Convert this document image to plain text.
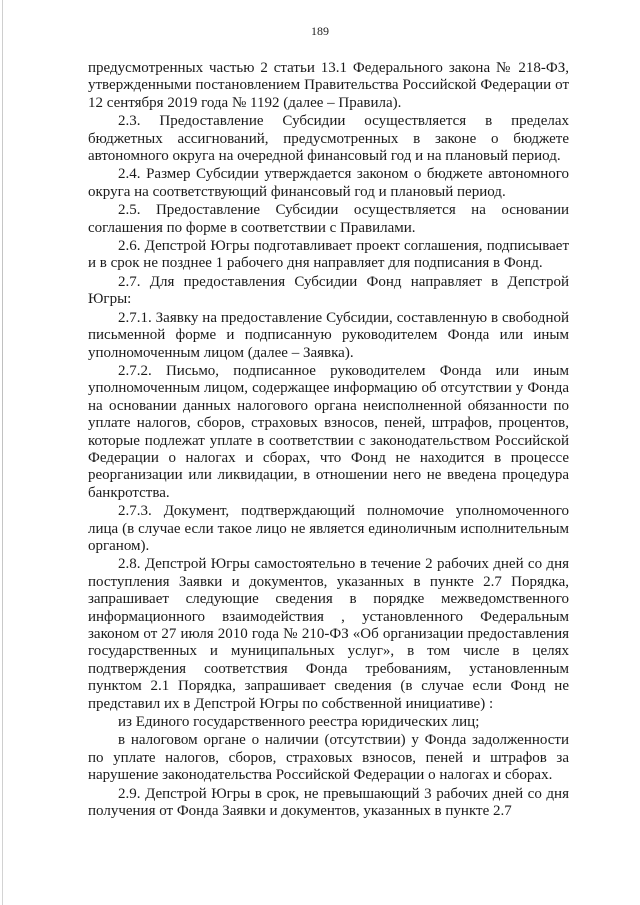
189

предусмотренных частью 2 статьи 13.1 Федерального закона № 218-ФЗ, утвержденными постановлением Правительства Российской Федерации от 12 сентября 2019 года № 1192 (далее – Правила).

2.3. Предоставление Субсидии осуществляется в пределах бюджетных ассигнований, предусмотренных в законе о бюджете автономного округа на очередной финансовый год и на плановый период.

2.4. Размер Субсидии утверждается законом о бюджете автономного округа на соответствующий финансовый год и плановый период.

2.5. Предоставление Субсидии осуществляется на основании соглашения по форме в соответствии с Правилами.

2.6. Депстрой Югры подготавливает проект соглашения, подписывает и в срок не позднее 1 рабочего дня направляет для подписания в Фонд.

2.7. Для предоставления Субсидии Фонд направляет в Депстрой Югры:

2.7.1. Заявку на предоставление Субсидии, составленную в свободной письменной форме и подписанную руководителем Фонда или иным уполномоченным лицом (далее – Заявка).

2.7.2. Письмо, подписанное руководителем Фонда или иным уполномоченным лицом, содержащее информацию об отсутствии у Фонда на основании данных налогового органа неисполненной обязанности по уплате налогов, сборов, страховых взносов, пеней, штрафов, процентов, которые подлежат уплате в соответствии с законодательством Российской Федерации о налогах и сборах, что Фонд не находится в процессе реорганизации или ликвидации, в отношении него не введена процедура банкротства.

2.7.3. Документ, подтверждающий полномочие уполномоченного лица (в случае если такое лицо не является единоличным исполнительным органом).

2.8. Депстрой Югры самостоятельно в течение 2 рабочих дней со дня поступления Заявки и документов, указанных в пункте 2.7 Порядка, запрашивает следующие сведения в порядке межведомственного информационного взаимодействия , установленного Федеральным законом от 27 июля 2010 года № 210-ФЗ «Об организации предоставления государственных и муниципальных услуг», в том числе в целях подтверждения соответствия Фонда требованиям, установленным пунктом 2.1 Порядка, запрашивает сведения (в случае если Фонд не представил их в Депстрой Югры по собственной инициативе) :

из Единого государственного реестра юридических лиц;

в налоговом органе о наличии (отсутствии) у Фонда задолженности по уплате налогов, сборов, страховых взносов, пеней и штрафов за нарушение законодательства Российской Федерации о налогах и сборах.

2.9. Депстрой Югры в срок, не превышающий 3 рабочих дней со дня получения от Фонда Заявки и документов, указанных в пункте 2.7
